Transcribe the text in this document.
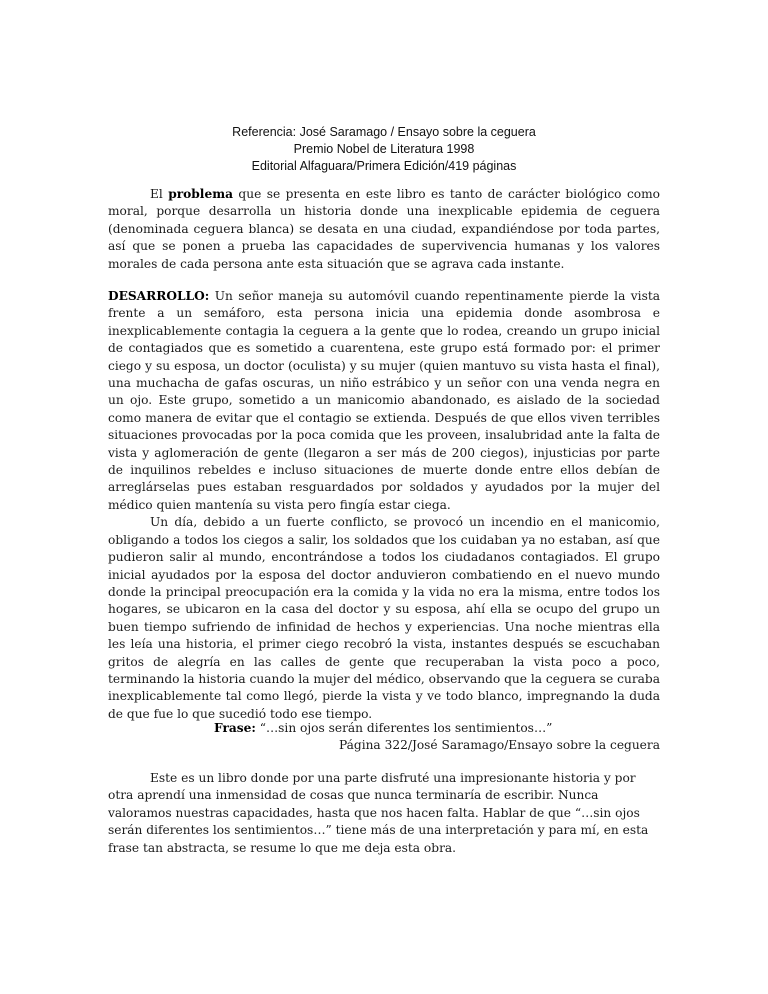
Referencia: José Saramago / Ensayo sobre la ceguera
Premio Nobel de Literatura 1998
Editorial Alfaguara/Primera Edición/419 páginas

El problema que se presenta en este libro es tanto de carácter biológico como moral, porque desarrolla un historia donde una inexplicable epidemia de ceguera (denominada ceguera blanca) se desata en una ciudad, expandiéndose por toda partes, así que se ponen a prueba las capacidades de supervivencia humanas y los valores morales de cada persona ante esta situación que se agrava cada instante.

DESARROLLO: Un señor maneja su automóvil cuando repentinamente pierde la vista frente a un semáforo, esta persona inicia una epidemia donde asombrosa e inexplicablemente contagia la ceguera a la gente que lo rodea, creando un grupo inicial de contagiados que es sometido a cuarentena, este grupo está formado por: el primer ciego y su esposa, un doctor (oculista) y su mujer (quien mantuvo su vista hasta el final), una muchacha de gafas oscuras, un niño estrábico y un señor con una venda negra en un ojo. Este grupo, sometido a un manicomio abandonado, es aislado de la sociedad como manera de evitar que el contagio se extienda. Después de que ellos viven terribles situaciones provocadas por la poca comida que les proveen, insalubridad ante la falta de vista y aglomeración de gente (llegaron a ser más de 200 ciegos), injusticias por parte de inquilinos rebeldes e incluso situaciones de muerte donde entre ellos debían de arreglárselas pues estaban resguardados por soldados y ayudados por la mujer del médico quien mantenía su vista pero fingía estar ciega.

Un día, debido a un fuerte conflicto, se provocó un incendio en el manicomio, obligando a todos los ciegos a salir, los soldados que los cuidaban ya no estaban, así que pudieron salir al mundo, encontrándose a todos los ciudadanos contagiados. El grupo inicial ayudados por la esposa del doctor anduvieron combatiendo en el nuevo mundo donde la principal preocupación era la comida y la vida no era la misma, entre todos los hogares, se ubicaron en la casa del doctor y su esposa, ahí ella se ocupo del grupo un buen tiempo sufriendo de infinidad de hechos y experiencias. Una noche mientras ella les leía una historia, el primer ciego recobró la vista, instantes después se escuchaban gritos de alegría en las calles de gente que recuperaban la vista poco a poco, terminando la historia cuando la mujer del médico, observando que la ceguera se curaba inexplicablemente tal como llegó, pierde la vista y ve todo blanco, impregnando la duda de que fue lo que sucedió todo ese tiempo.

Frase: “…sin ojos serán diferentes los sentimientos…”
Página 322/José Saramago/Ensayo sobre la ceguera

Este es un libro donde por una parte disfruté una impresionante historia y por otra aprendí una inmensidad de cosas que nunca terminaría de escribir. Nunca valoramos nuestras capacidades, hasta que nos hacen falta. Hablar de que “…sin ojos serán diferentes los sentimientos…” tiene más de una interpretación y para mí, en esta frase tan abstracta, se resume lo que me deja esta obra.
